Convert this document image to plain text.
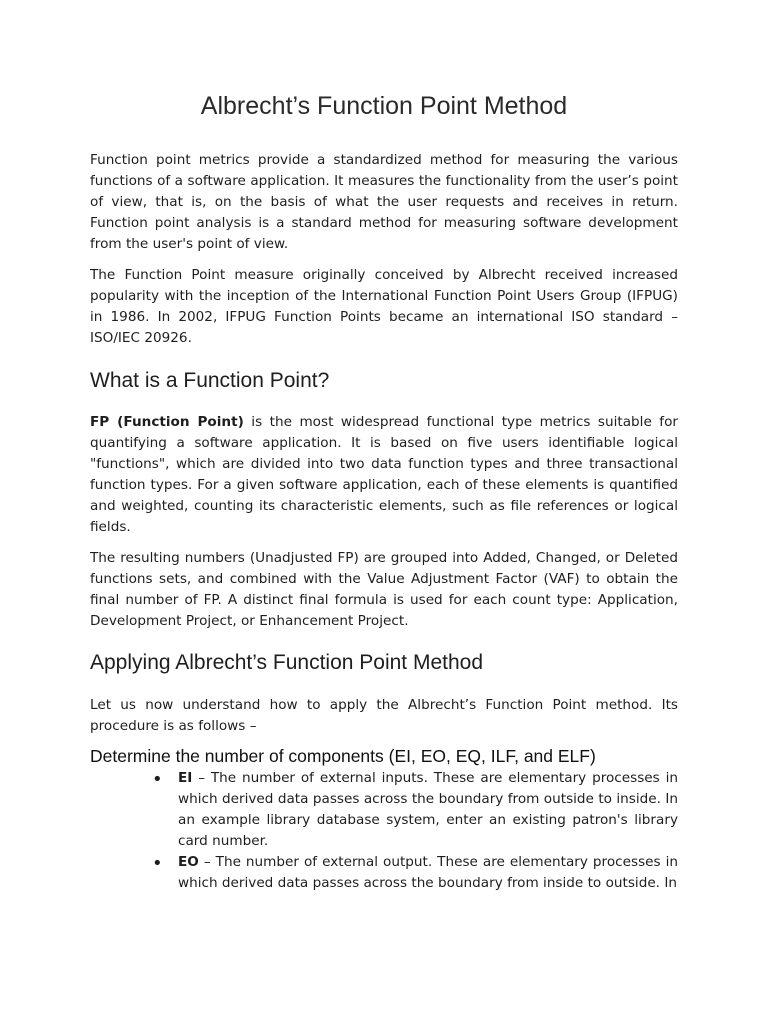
Albrecht’s Function Point Method

Function point metrics provide a standardized method for measuring the various functions of a software application. It measures the functionality from the user’s point of view, that is, on the basis of what the user requests and receives in return. Function point analysis is a standard method for measuring software development from the user's point of view.

The Function Point measure originally conceived by Albrecht received increased popularity with the inception of the International Function Point Users Group (IFPUG) in 1986. In 2002, IFPUG Function Points became an international ISO standard – ISO/IEC 20926.

What is a Function Point?

FP (Function Point) is the most widespread functional type metrics suitable for quantifying a software application. It is based on five users identifiable logical "functions", which are divided into two data function types and three transactional function types. For a given software application, each of these elements is quantified and weighted, counting its characteristic elements, such as file references or logical fields.

The resulting numbers (Unadjusted FP) are grouped into Added, Changed, or Deleted functions sets, and combined with the Value Adjustment Factor (VAF) to obtain the final number of FP. A distinct final formula is used for each count type: Application, Development Project, or Enhancement Project.

Applying Albrecht’s Function Point Method

Let us now understand how to apply the Albrecht’s Function Point method. Its procedure is as follows –

Determine the number of components (EI, EO, EQ, ILF, and ELF)
• EI – The number of external inputs. These are elementary processes in which derived data passes across the boundary from outside to inside. In an example library database system, enter an existing patron's library card number.
• EO – The number of external output. These are elementary processes in which derived data passes across the boundary from inside to outside. In
